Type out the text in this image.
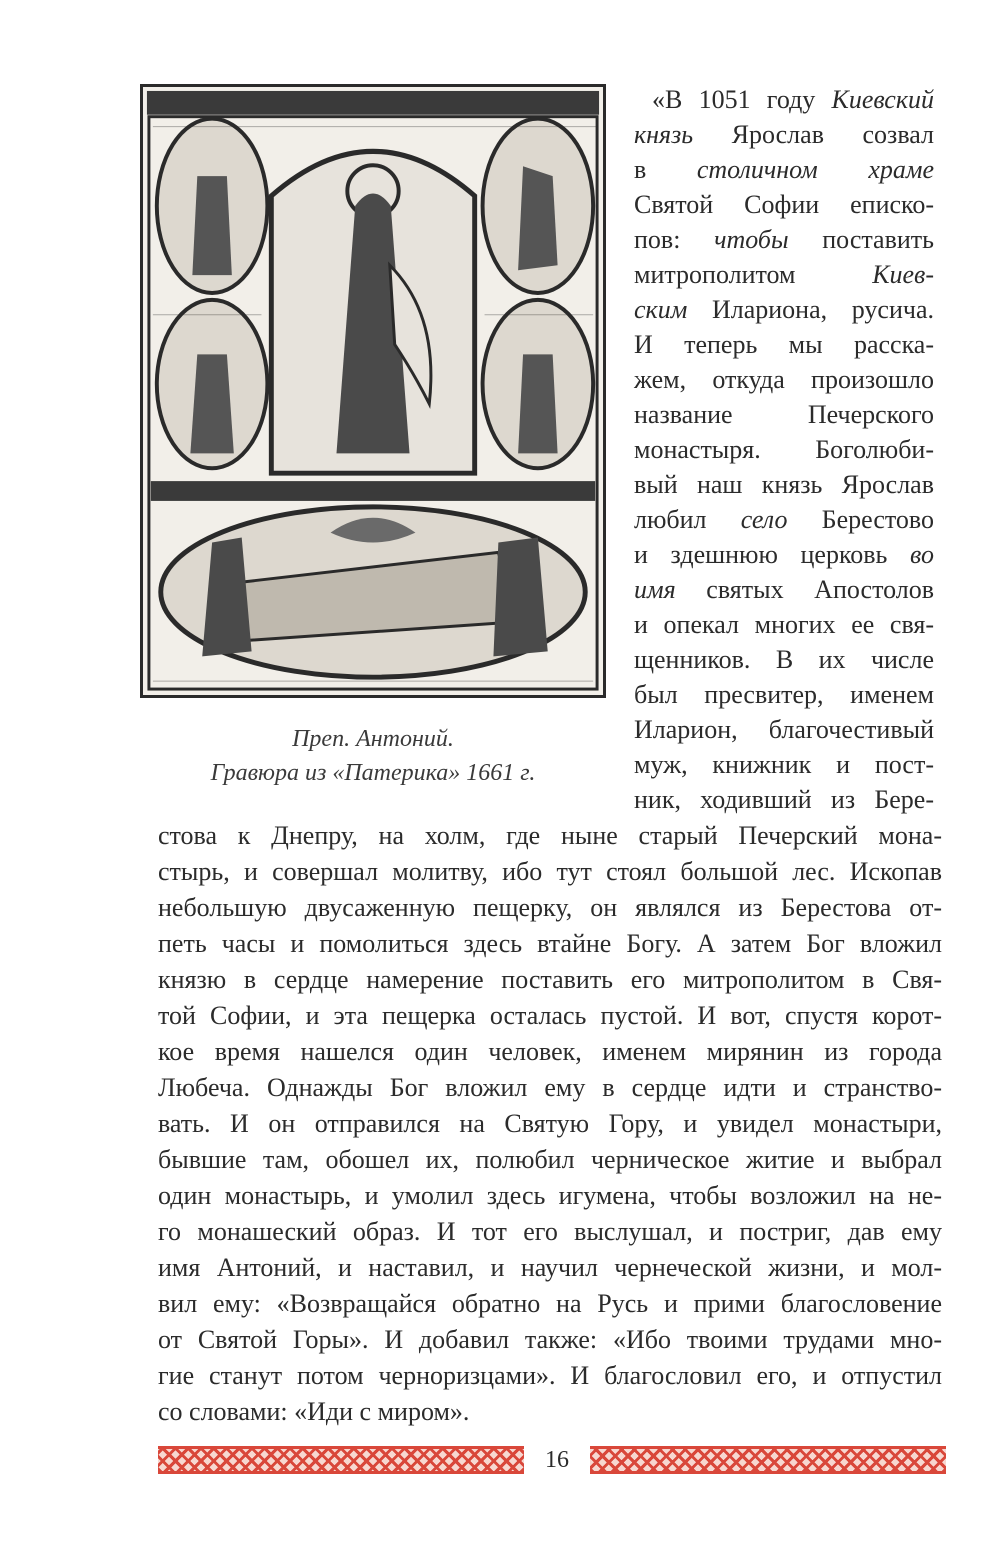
Преп. Антоний.
Гравюра из «Патерика» 1661 г.
«В 1051 году Киевский
князь Ярослав созвал
в столичном храме
Святой Софии еписко-
пов: чтобы поставить
митрополитом Киев-
ским Илариона, русича.
И теперь мы расска-
жем, откуда произошло
название Печерского
монастыря. Боголюби-
вый наш князь Ярослав
любил село Берестово
и здешнюю церковь во
имя святых Апостолов
и опекал многих ее свя-
щенников. В их числе
был пресвитер, именем
Иларион, благочестивый
муж, книжник и пост-
ник, ходивший из Бере-
стова к Днепру, на холм, где ныне старый Печерский мона-
стырь, и совершал молитву, ибо тут стоял большой лес. Ископав
небольшую двусаженную пещерку, он являлся из Берестова от-
петь часы и помолиться здесь втайне Богу. А затем Бог вложил
князю в сердце намерение поставить его митрополитом в Свя-
той Софии, и эта пещерка осталась пустой. И вот, спустя корот-
кое время нашелся один человек, именем мирянин из города
Любеча. Однажды Бог вложил ему в сердце идти и странство-
вать. И он отправился на Святую Гору, и увидел монастыри,
бывшие там, обошел их, полюбил черническое житие и выбрал
один монастырь, и умолил здесь игумена, чтобы возложил на не-
го монашеский образ. И тот его выслушал, и постриг, дав ему
имя Антоний, и наставил, и научил чернеческой жизни, и мол-
вил ему: «Возвращайся обратно на Русь и прими благословение
от Святой Горы». И добавил также: «Ибо твоими трудами мно-
гие станут потом черноризцами». И благословил его, и отпустил
со словами: «Иди с миром».
16
